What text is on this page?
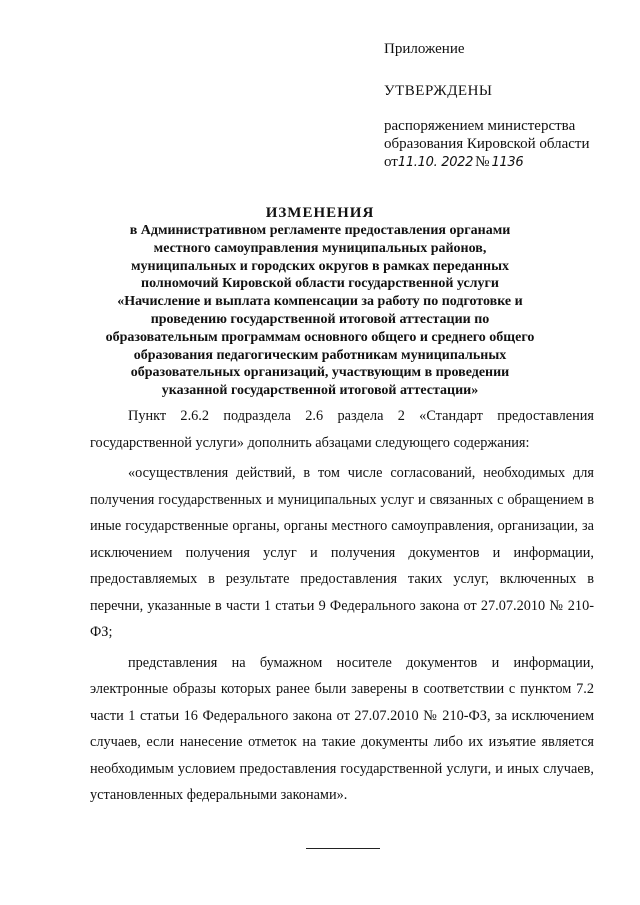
Приложение
УТВЕРЖДЕНЫ
распоряжением министерства
образования Кировской области
от11.10. 2022 № 1136
ИЗМЕНЕНИЯ
в Административном регламенте предоставления органами местного самоуправления муниципальных районов, муниципальных и городских округов в рамках переданных полномочий Кировской области государственной услуги «Начисление и выплата компенсации за работу по подготовке и проведению государственной итоговой аттестации по образовательным программам основного общего и среднего общего образования педагогическим работникам муниципальных образовательных организаций, участвующим в проведении указанной государственной итоговой аттестации»

Пункт 2.6.2 подраздела 2.6 раздела 2 «Стандарт предоставления государственной услуги» дополнить абзацами следующего содержания:

«осуществления действий, в том числе согласований, необходимых для получения государственных и муниципальных услуг и связанных с обращением в иные государственные органы, органы местного самоуправления, организации, за исключением получения услуг и получения документов и информации, предоставляемых в результате предоставления таких услуг, включенных в перечни, указанные в части 1 статьи 9 Федерального закона от 27.07.2010 № 210-ФЗ;

представления на бумажном носителе документов и информации, электронные образы которых ранее были заверены в соответствии с пунктом 7.2 части 1 статьи 16 Федерального закона от 27.07.2010 № 210-ФЗ, за исключением случаев, если нанесение отметок на такие документы либо их изъятие является необходимым условием предоставления государственной услуги, и иных случаев, установленных федеральными законами».
